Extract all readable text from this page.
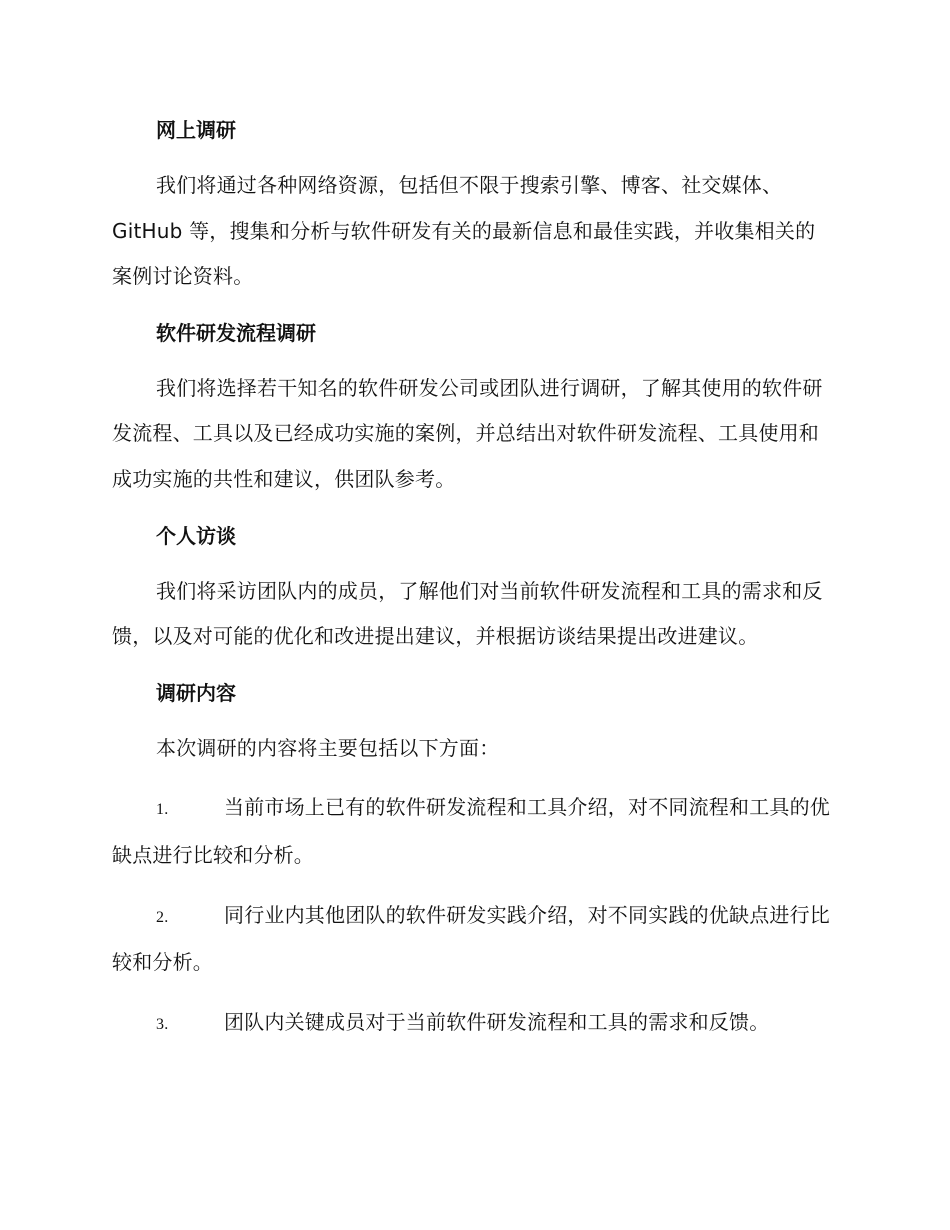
网上调研
我们将通过各种网络资源，包括但不限于搜索引擎、博客、社交媒体、GitHub 等，搜集和分析与软件研发有关的最新信息和最佳实践，并收集相关的案例讨论资料。
软件研发流程调研
我们将选择若干知名的软件研发公司或团队进行调研，了解其使用的软件研发流程、工具以及已经成功实施的案例，并总结出对软件研发流程、工具使用和成功实施的共性和建议，供团队参考。
个人访谈
我们将采访团队内的成员，了解他们对当前软件研发流程和工具的需求和反馈，以及对可能的优化和改进提出建议，并根据访谈结果提出改进建议。
调研内容
本次调研的内容将主要包括以下方面：
1.	当前市场上已有的软件研发流程和工具介绍，对不同流程和工具的优缺点进行比较和分析。
2.	同行业内其他团队的软件研发实践介绍，对不同实践的优缺点进行比较和分析。
3.	团队内关键成员对于当前软件研发流程和工具的需求和反馈。
